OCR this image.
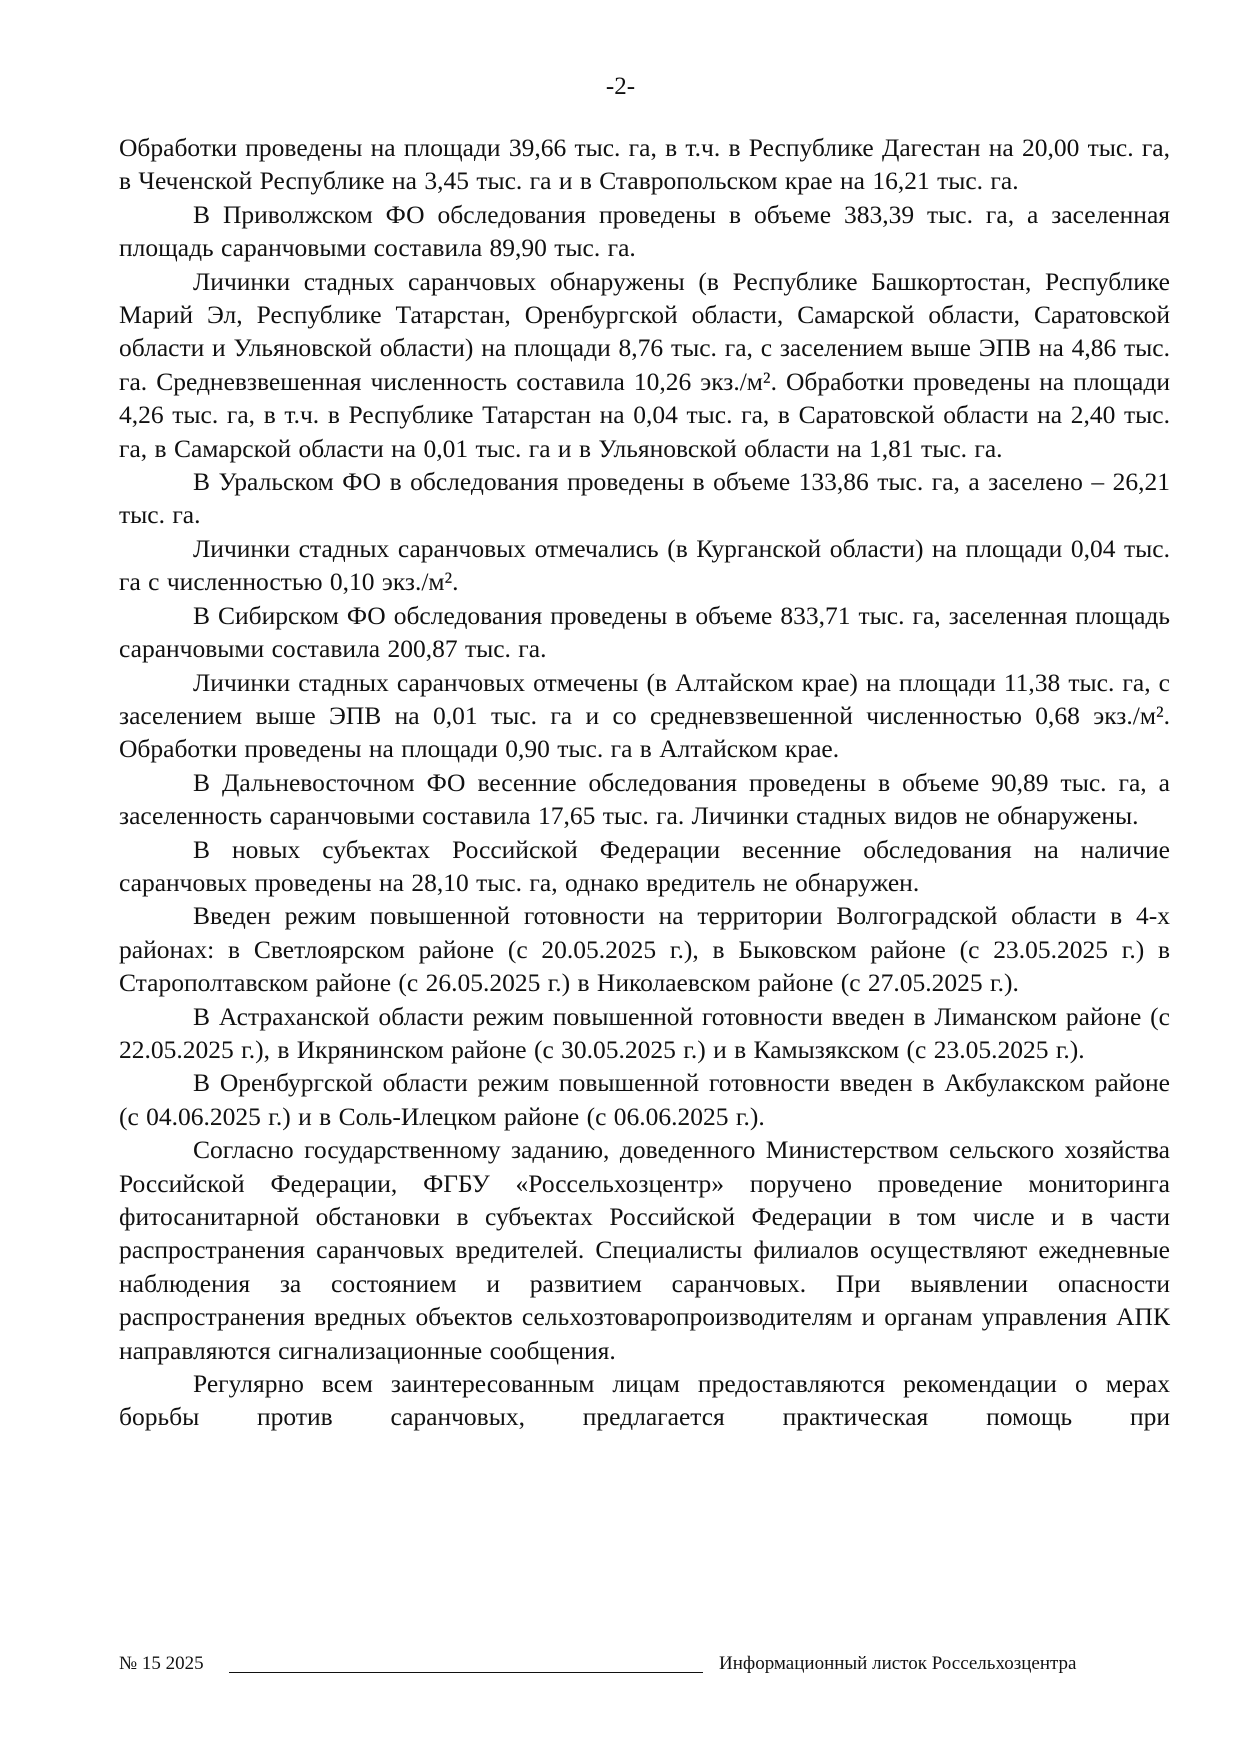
-2-

Обработки проведены на площади 39,66 тыс. га, в т.ч. в Республике Дагестан на 20,00 тыс. га, в Чеченской Республике на 3,45 тыс. га и в Ставропольском крае на 16,21 тыс. га.

В Приволжском ФО обследования проведены в объеме 383,39 тыс. га, а заселенная площадь саранчовыми составила 89,90 тыс. га.

Личинки стадных саранчовых обнаружены (в Республике Башкортостан, Республике Марий Эл, Республике Татарстан, Оренбургской области, Самарской области, Саратовской области и Ульяновской области) на площади 8,76 тыс. га, с заселением выше ЭПВ на 4,86 тыс. га. Средневзвешенная численность составила 10,26 экз./м². Обработки проведены на площади 4,26 тыс. га, в т.ч. в Республике Татарстан на 0,04 тыс. га, в Саратовской области на 2,40 тыс. га, в Самарской области на 0,01 тыс. га и в Ульяновской области на 1,81 тыс. га.

В Уральском ФО в обследования проведены в объеме 133,86 тыс. га, а заселено – 26,21 тыс. га.

Личинки стадных саранчовых отмечались (в Курганской области) на площади 0,04 тыс. га с численностью 0,10 экз./м².

В Сибирском ФО обследования проведены в объеме 833,71 тыс. га, заселенная площадь саранчовыми составила 200,87 тыс. га.

Личинки стадных саранчовых отмечены (в Алтайском крае) на площади 11,38 тыс. га, с заселением выше ЭПВ на 0,01 тыс. га и со средневзвешенной численностью 0,68 экз./м². Обработки проведены на площади 0,90 тыс. га в Алтайском крае.

В Дальневосточном ФО весенние обследования проведены в объеме 90,89 тыс. га, а заселенность саранчовыми составила 17,65 тыс. га. Личинки стадных видов не обнаружены.

В новых субъектах Российской Федерации весенние обследования на наличие саранчовых проведены на 28,10 тыс. га, однако вредитель не обнаружен.

Введен режим повышенной готовности на территории Волгоградской области в 4-х районах: в Светлоярском районе (с 20.05.2025 г.), в Быковском районе (с 23.05.2025 г.) в Старополтавском районе (с 26.05.2025 г.) в Николаевском районе (с 27.05.2025 г.).

В Астраханской области режим повышенной готовности введен в Лиманском районе (с 22.05.2025 г.), в Икрянинском районе (с 30.05.2025 г.) и в Камызякском (с 23.05.2025 г.).

В Оренбургской области режим повышенной готовности введен в Акбулакском районе (с 04.06.2025 г.) и в Соль-Илецком районе (с 06.06.2025 г.).

Согласно государственному заданию, доведенного Министерством сельского хозяйства Российской Федерации, ФГБУ «Россельхозцентр» поручено проведение мониторинга фитосанитарной обстановки в субъектах Российской Федерации в том числе и в части распространения саранчовых вредителей. Специалисты филиалов осуществляют ежедневные наблюдения за состоянием и развитием саранчовых. При выявлении опасности распространения вредных объектов сельхозтоваропроизводителям и органам управления АПК направляются сигнализационные сообщения.

Регулярно всем заинтересованным лицам предоставляются рекомендации о мерах борьбы против саранчовых, предлагается практическая помощь при

№ 15 2025	Информационный листок Россельхозцентра
